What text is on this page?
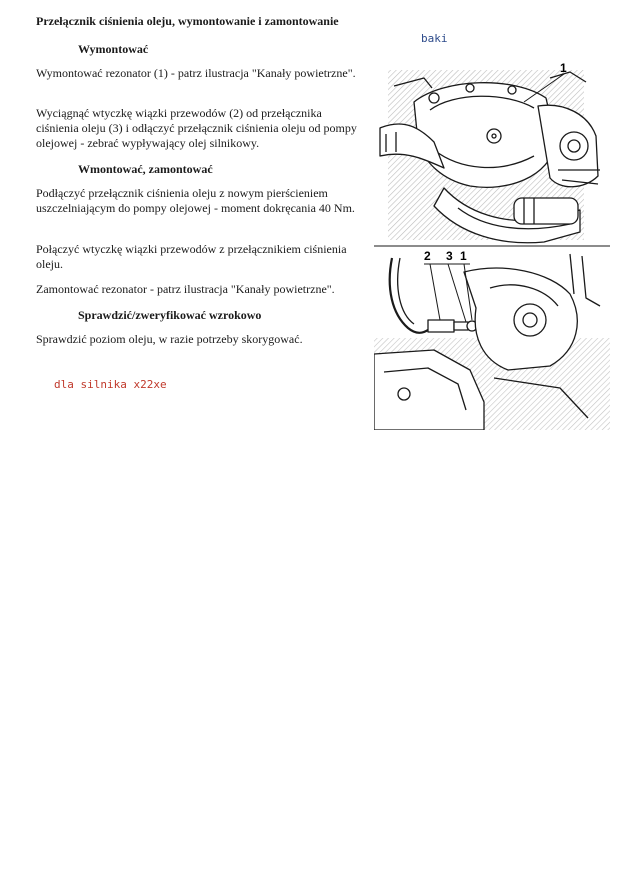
Przełącznik ciśnienia oleju, wymontowanie i zamontowanie
baki
Wymontować
Wymontować rezonator (1) - patrz ilustracja "Kanały powietrzne".
Wyciągnąć wtyczkę wiązki przewodów (2) od przełącznika ciśnienia oleju (3) i odłączyć przełącznik ciśnienia oleju od pompy olejowej - zebrać wypływający olej silnikowy.
Wmontować, zamontować
Podłączyć przełącznik ciśnienia oleju z nowym pierścieniem uszczelniającym do pompy olejowej - moment dokręcania 40 Nm.
Połączyć wtyczkę wiązki przewodów z przełącznikiem ciśnienia oleju.
Zamontować rezonator - patrz ilustracja "Kanały powietrzne".
Sprawdzić/zweryfikować wzrokowo
Sprawdzić poziom oleju, w razie potrzeby skorygować.
dla silnika x22xe
1
2 3 1
